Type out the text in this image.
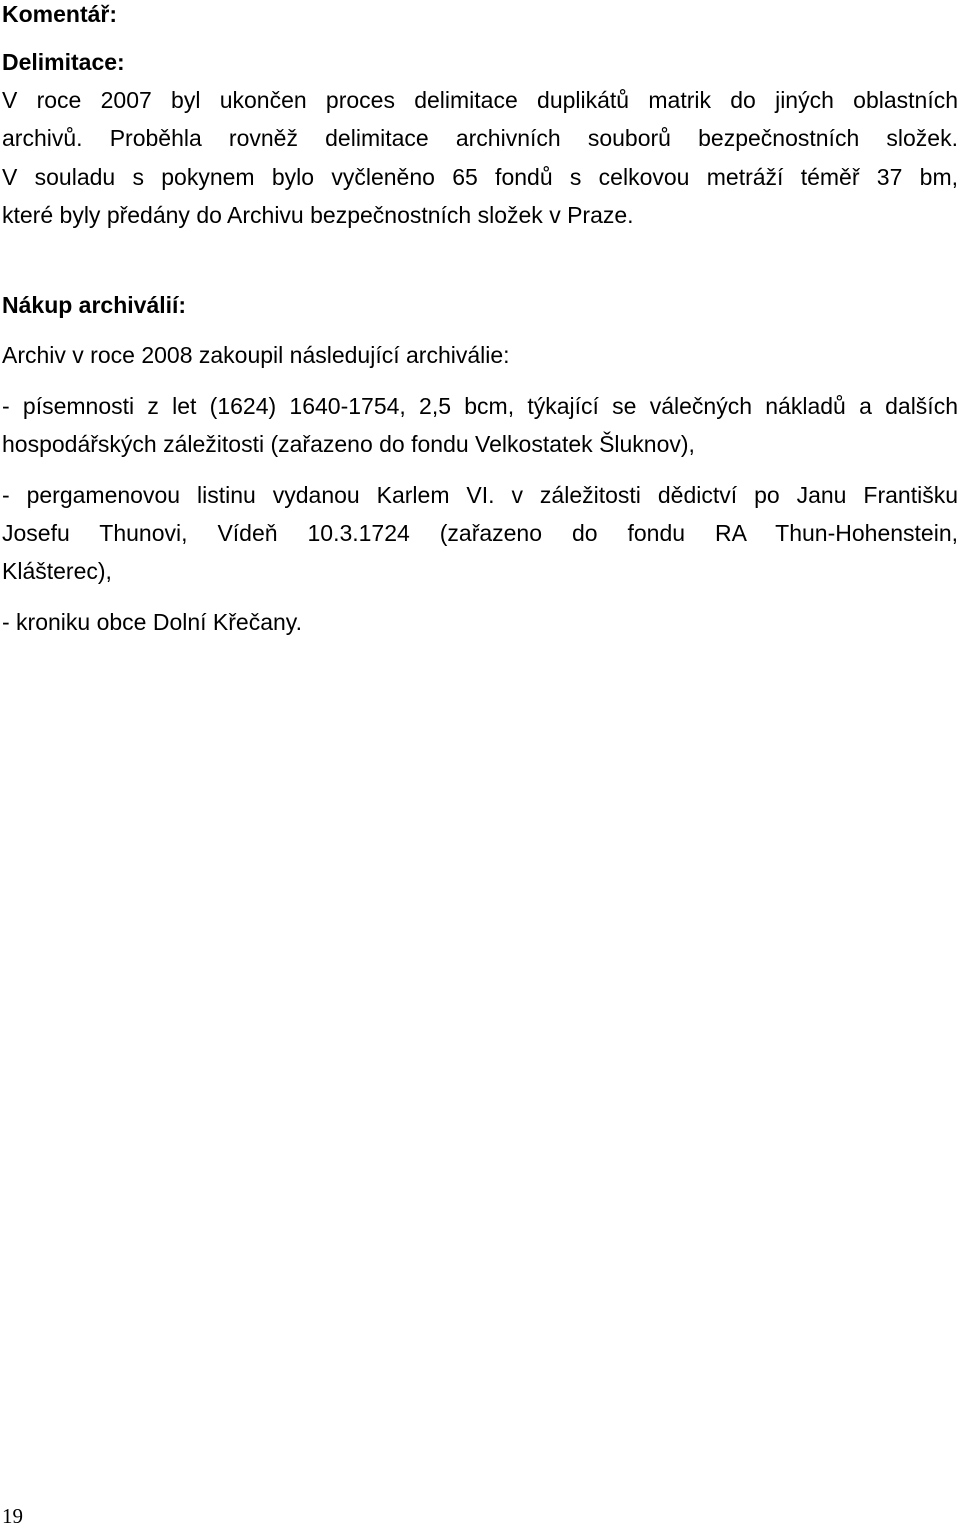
Komentář:

Delimitace:

V roce 2007 byl ukončen proces delimitace duplikátů matrik do jiných oblastních

archivů. Proběhla rovněž delimitace archivních souborů bezpečnostních složek.

V souladu s pokynem bylo vyčleněno 65 fondů s celkovou metráží téměř 37 bm,

které byly předány do Archivu bezpečnostních složek v Praze.

Nákup archiválií:

Archiv v roce 2008 zakoupil následující archiválie:

- písemnosti z let (1624) 1640-1754, 2,5 bcm, týkající se válečných nákladů a dalších

hospodářských záležitosti (zařazeno do fondu Velkostatek Šluknov),

- pergamenovou listinu vydanou Karlem VI. v záležitosti dědictví po Janu Františku

Josefu Thunovi, Vídeň 10.3.1724 (zařazeno do fondu RA Thun-Hohenstein,

Klášterec),

- kroniku obce Dolní Křečany.

19
